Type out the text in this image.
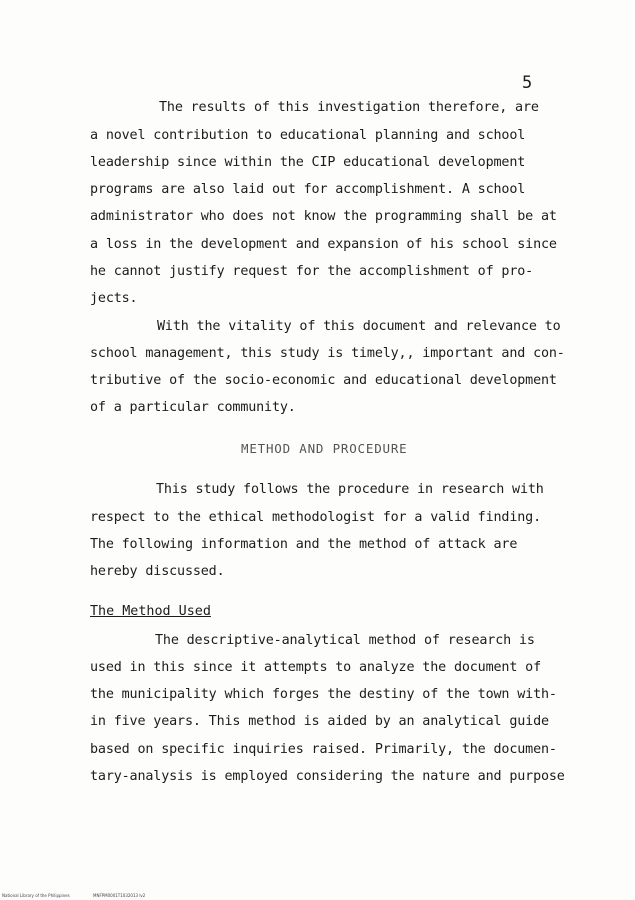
5
The results of this investigation therefore, are
a novel contribution to educational planning and school
leadership since within the CIP educational development
programs are also laid out for accomplishment. A school
administrator who does not know the programming shall be at
a loss in the development and expansion of his school since
he cannot justify request for the accomplishment of pro-
jects.
With the vitality of this document and relevance to
school management, this study is timely,, important and con-
tributive of the socio-economic and educational development
of a particular community.
METHOD AND PROCEDURE
This study follows the procedure in research with
respect to the ethical methodologist for a valid finding.
The following information and the method of attack are
hereby discussed.
The Method Used
The descriptive-analytical method of research is
used in this since it attempts to analyze the document of
the municipality which forges the destiny of the town with-
in five years. This method is aided by an analytical guide
based on specific inquiries raised. Primarily, the documen-
tary-analysis is employed considering the nature and purpose
National Library of the Philippines	MNFPM0001T1032013 lv2
